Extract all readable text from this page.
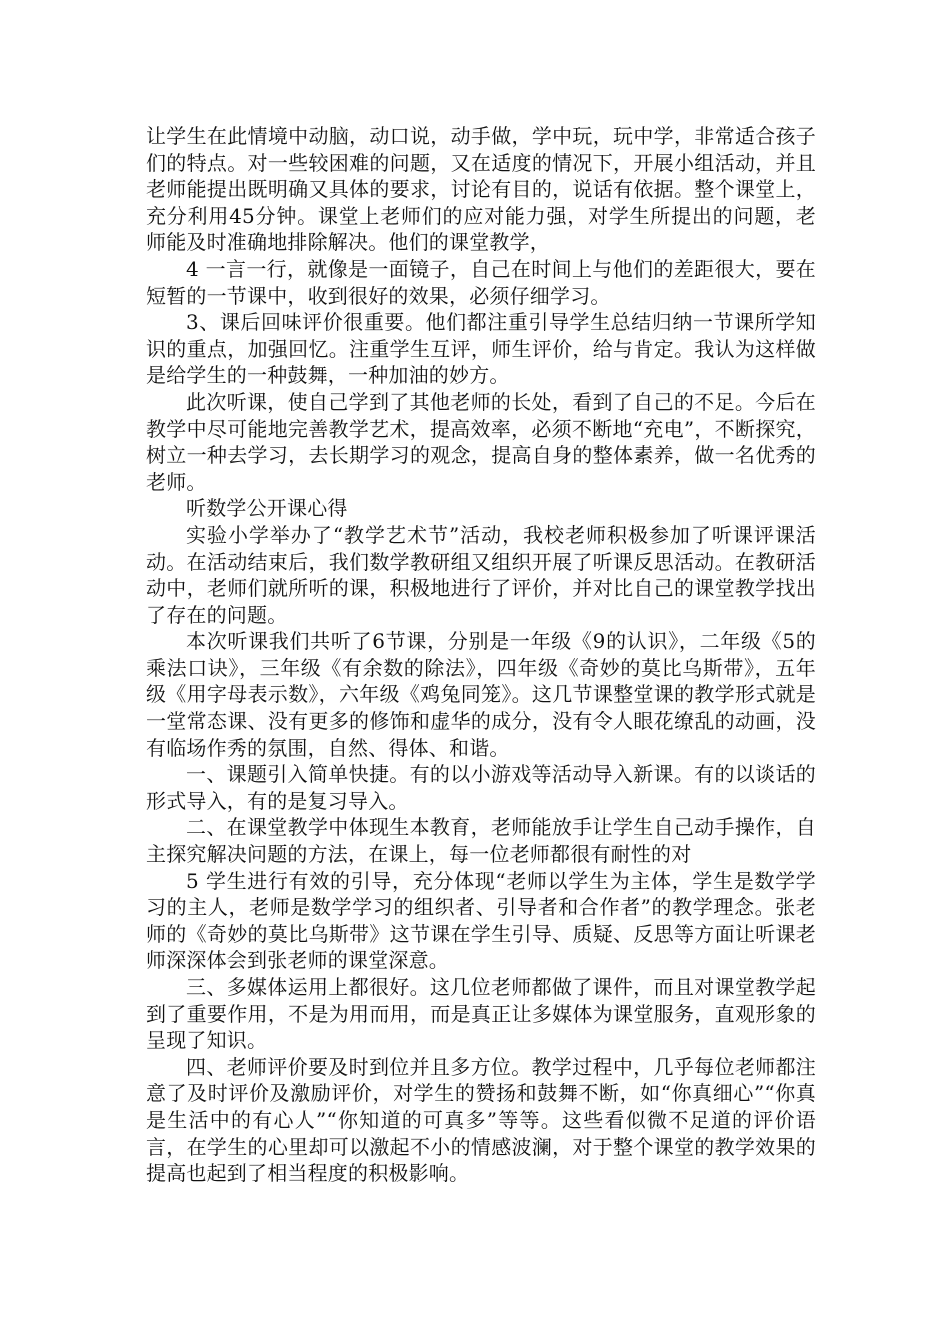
让学生在此情境中动脑，动口说，动手做，学中玩，玩中学，非常适合孩子们的特点。对一些较困难的问题，又在适度的情况下，开展小组活动，并且老师能提出既明确又具体的要求，讨论有目的，说话有依据。整个课堂上，充分利用45分钟。课堂上老师们的应对能力强，对学生所提出的问题，老师能及时准确地排除解决。他们的课堂教学，

4 一言一行，就像是一面镜子，自己在时间上与他们的差距很大，要在短暂的一节课中，收到很好的效果，必须仔细学习。

3、课后回味评价很重要。他们都注重引导学生总结归纳一节课所学知识的重点，加强回忆。注重学生互评，师生评价，给与肯定。我认为这样做是给学生的一种鼓舞，一种加油的妙方。

此次听课，使自己学到了其他老师的长处，看到了自己的不足。今后在教学中尽可能地完善教学艺术，提高效率，必须不断地“充电”，不断探究，树立一种去学习，去长期学习的观念，提高自身的整体素养，做一名优秀的老师。

听数学公开课心得

实验小学举办了“教学艺术节”活动，我校老师积极参加了听课评课活动。在活动结束后，我们数学教研组又组织开展了听课反思活动。在教研活动中，老师们就所听的课，积极地进行了评价，并对比自己的课堂教学找出了存在的问题。

本次听课我们共听了6节课，分别是一年级《9的认识》，二年级《5的乘法口诀》，三年级《有余数的除法》，四年级《奇妙的莫比乌斯带》，五年级《用字母表示数》，六年级《鸡兔同笼》。这几节课整堂课的教学形式就是一堂常态课、没有更多的修饰和虚华的成分，没有令人眼花缭乱的动画，没有临场作秀的氛围，自然、得体、和谐。

一、课题引入简单快捷。有的以小游戏等活动导入新课。有的以谈话的形式导入，有的是复习导入。

二、在课堂教学中体现生本教育，老师能放手让学生自己动手操作，自主探究解决问题的方法，在课上，每一位老师都很有耐性的对

5 学生进行有效的引导，充分体现“老师以学生为主体，学生是数学学习的主人，老师是数学学习的组织者、引导者和合作者”的教学理念。张老师的《奇妙的莫比乌斯带》这节课在学生引导、质疑、反思等方面让听课老师深深体会到张老师的课堂深意。

三、多媒体运用上都很好。这几位老师都做了课件，而且对课堂教学起到了重要作用，不是为用而用，而是真正让多媒体为课堂服务，直观形象的呈现了知识。

四、老师评价要及时到位并且多方位。教学过程中，几乎每位老师都注意了及时评价及激励评价，对学生的赞扬和鼓舞不断，如“你真细心”“你真是生活中的有心人”“你知道的可真多”等等。这些看似微不足道的评价语言，在学生的心里却可以激起不小的情感波澜，对于整个课堂的教学效果的提高也起到了相当程度的积极影响。
